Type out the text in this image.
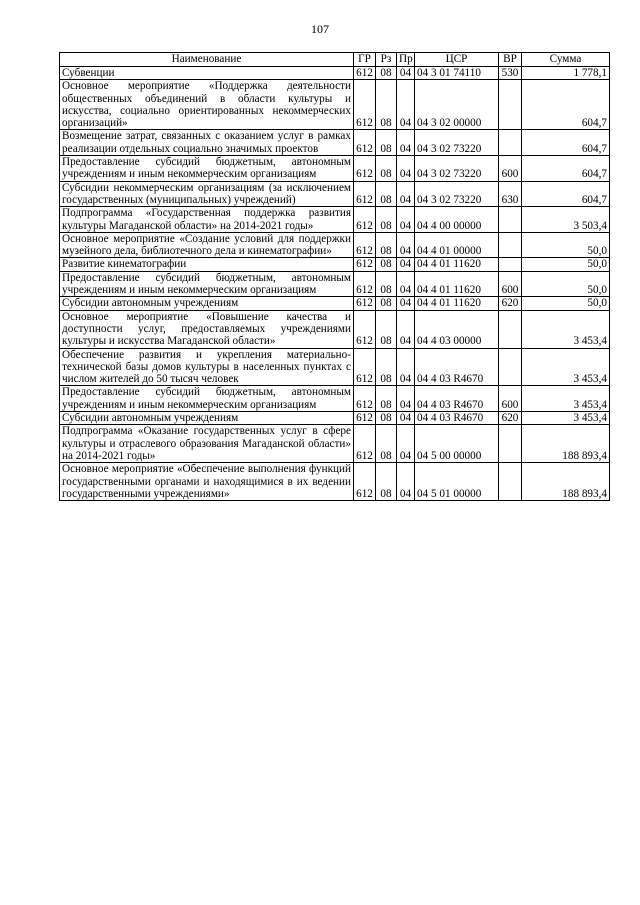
107
Наименование	ГР	Рз	Пр	ЦСР	ВР	Сумма
Субвенции	612	08	04	04 3 01 74110	530	1 778,1
Основное мероприятие «Поддержка деятельности общественных объединений в области культуры и искусства, социально ориентированных некоммерческих организаций»	612	08	04	04 3 02 00000		604,7
Возмещение затрат, связанных с оказанием услуг в рамках реализации отдельных социально значимых проектов	612	08	04	04 3 02 73220		604,7
Предоставление субсидий бюджетным, автономным учреждениям и иным некоммерческим организациям	612	08	04	04 3 02 73220	600	604,7
Субсидии некоммерческим организациям (за исключением государственных (муниципальных) учреждений)	612	08	04	04 3 02 73220	630	604,7
Подпрограмма «Государственная поддержка развития культуры Магаданской области» на 2014-2021 годы»	612	08	04	04 4 00 00000		3 503,4
Основное мероприятие «Создание условий для поддержки музейного дела, библиотечного дела и кинематографии»	612	08	04	04 4 01 00000		50,0
Развитие кинематографии	612	08	04	04 4 01 11620		50,0
Предоставление субсидий бюджетным, автономным учреждениям и иным некоммерческим организациям	612	08	04	04 4 01 11620	600	50,0
Субсидии автономным учреждениям	612	08	04	04 4 01 11620	620	50,0
Основное мероприятие «Повышение качества и доступности услуг, предоставляемых учреждениями культуры и искусства Магаданской области»	612	08	04	04 4 03 00000		3 453,4
Обеспечение развития и укрепления материально-технической базы домов культуры в населенных пунктах с числом жителей до 50 тысяч человек	612	08	04	04 4 03 R4670		3 453,4
Предоставление субсидий бюджетным, автономным учреждениям и иным некоммерческим организациям	612	08	04	04 4 03 R4670	600	3 453,4
Субсидии автономным учреждениям	612	08	04	04 4 03 R4670	620	3 453,4
Подпрограмма «Оказание государственных услуг в сфере культуры и отраслевого образования Магаданской области» на 2014-2021 годы»	612	08	04	04 5 00 00000		188 893,4
Основное мероприятие «Обеспечение выполнения функций государственными органами и находящимися в их ведении государственными учреждениями»	612	08	04	04 5 01 00000		188 893,4
